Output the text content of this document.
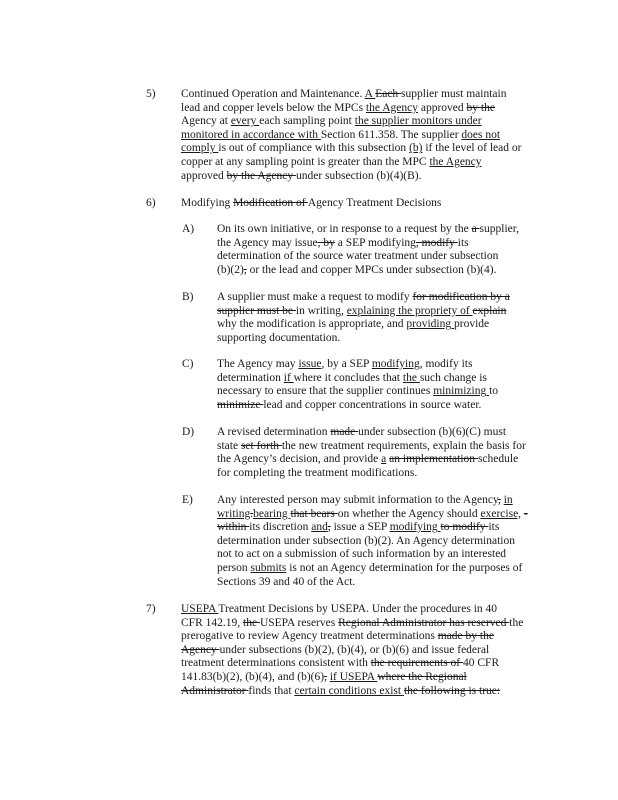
5) Continued Operation and Maintenance. A Each supplier must maintain
lead and copper levels below the MPCs the Agency approved by the
Agency at every each sampling point the supplier monitors under
monitored in accordance with Section 611.358. The supplier does not
comply is out of compliance with this subsection (b) if the level of lead or
copper at any sampling point is greater than the MPC the Agency
approved by the Agency under subsection (b)(4)(B).
6) Modifying Modification of Agency Treatment Decisions
A) On its own initiative, or in response to a request by the a supplier,
the Agency may issue, by a SEP modifying, modify its
determination of the source water treatment under subsection
(b)(2), or the lead and copper MPCs under subsection (b)(4).
B) A supplier must make a request to modify for modification by a
supplier must be in writing, explaining the propriety of explain
why the modification is appropriate, and providing provide
supporting documentation.
C) The Agency may issue, by a SEP modifying, modify its
determination if where it concludes that the such change is
necessary to ensure that the supplier continues minimizing to
minimize lead and copper concentrations in source water.
D) A revised determination made under subsection (b)(6)(C) must
state set forth the new treatment requirements, explain the basis for
the Agency’s decision, and provide a an implementation schedule
for completing the treatment modifications.
E) Any interested person may submit information to the Agency, in
writing.bearing that bears on whether the Agency should exercise, -
within its discretion and, issue a SEP modifying to modify its
determination under subsection (b)(2). An Agency determination
not to act on a submission of such information by an interested
person submits is not an Agency determination for the purposes of
Sections 39 and 40 of the Act.
7) USEPA Treatment Decisions by USEPA. Under the procedures in 40
CFR 142.19, the USEPA reserves Regional Administrator has reserved the
prerogative to review Agency treatment determinations made by the
Agency under subsections (b)(2), (b)(4), or (b)(6) and issue federal
treatment determinations consistent with the requirements of 40 CFR
141.83(b)(2), (b)(4), and (b)(6), if USEPA where the Regional
Administrator finds that certain conditions exist the following is true:
